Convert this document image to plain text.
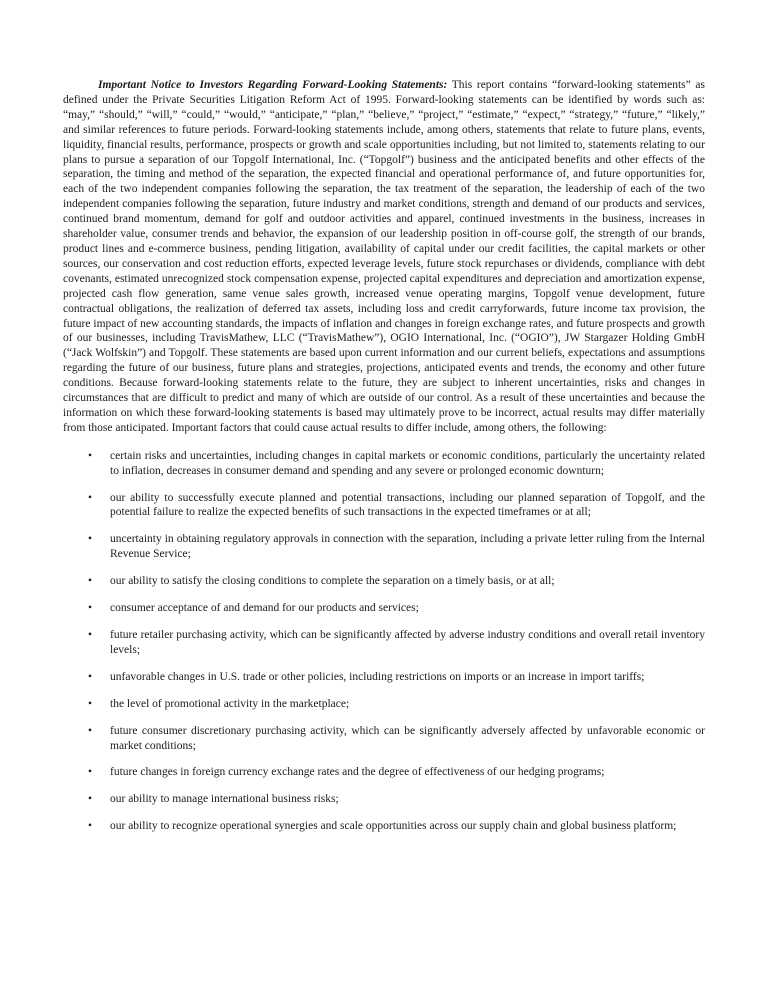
Important Notice to Investors Regarding Forward-Looking Statements: This report contains “forward-looking statements” as defined under the Private Securities Litigation Reform Act of 1995. Forward-looking statements can be identified by words such as: “may,” “should,” “will,” “could,” “would,” “anticipate,” “plan,” “believe,” “project,” “estimate,” “expect,” “strategy,” “future,” “likely,” and similar references to future periods. Forward-looking statements include, among others, statements that relate to future plans, events, liquidity, financial results, performance, prospects or growth and scale opportunities including, but not limited to, statements relating to our plans to pursue a separation of our Topgolf International, Inc. (“Topgolf”) business and the anticipated benefits and other effects of the separation, the timing and method of the separation, the expected financial and operational performance of, and future opportunities for, each of the two independent companies following the separation, the tax treatment of the separation, the leadership of each of the two independent companies following the separation, future industry and market conditions, strength and demand of our products and services, continued brand momentum, demand for golf and outdoor activities and apparel, continued investments in the business, increases in shareholder value, consumer trends and behavior, the expansion of our leadership position in off-course golf, the strength of our brands, product lines and e-commerce business, pending litigation, availability of capital under our credit facilities, the capital markets or other sources, our conservation and cost reduction efforts, expected leverage levels, future stock repurchases or dividends, compliance with debt covenants, estimated unrecognized stock compensation expense, projected capital expenditures and depreciation and amortization expense, projected cash flow generation, same venue sales growth, increased venue operating margins, Topgolf venue development, future contractual obligations, the realization of deferred tax assets, including loss and credit carryforwards, future income tax provision, the future impact of new accounting standards, the impacts of inflation and changes in foreign exchange rates, and future prospects and growth of our businesses, including TravisMathew, LLC (“TravisMathew”), OGIO International, Inc. (“OGIO”), JW Stargazer Holding GmbH (“Jack Wolfskin”) and Topgolf. These statements are based upon current information and our current beliefs, expectations and assumptions regarding the future of our business, future plans and strategies, projections, anticipated events and trends, the economy and other future conditions. Because forward-looking statements relate to the future, they are subject to inherent uncertainties, risks and changes in circumstances that are difficult to predict and many of which are outside of our control. As a result of these uncertainties and because the information on which these forward-looking statements is based may ultimately prove to be incorrect, actual results may differ materially from those anticipated. Important factors that could cause actual results to differ include, among others, the following:

• certain risks and uncertainties, including changes in capital markets or economic conditions, particularly the uncertainty related to inflation, decreases in consumer demand and spending and any severe or prolonged economic downturn;
• our ability to successfully execute planned and potential transactions, including our planned separation of Topgolf, and the potential failure to realize the expected benefits of such transactions in the expected timeframes or at all;
• uncertainty in obtaining regulatory approvals in connection with the separation, including a private letter ruling from the Internal Revenue Service;
• our ability to satisfy the closing conditions to complete the separation on a timely basis, or at all;
• consumer acceptance of and demand for our products and services;
• future retailer purchasing activity, which can be significantly affected by adverse industry conditions and overall retail inventory levels;
• unfavorable changes in U.S. trade or other policies, including restrictions on imports or an increase in import tariffs;
• the level of promotional activity in the marketplace;
• future consumer discretionary purchasing activity, which can be significantly adversely affected by unfavorable economic or market conditions;
• future changes in foreign currency exchange rates and the degree of effectiveness of our hedging programs;
• our ability to manage international business risks;
• our ability to recognize operational synergies and scale opportunities across our supply chain and global business platform;
